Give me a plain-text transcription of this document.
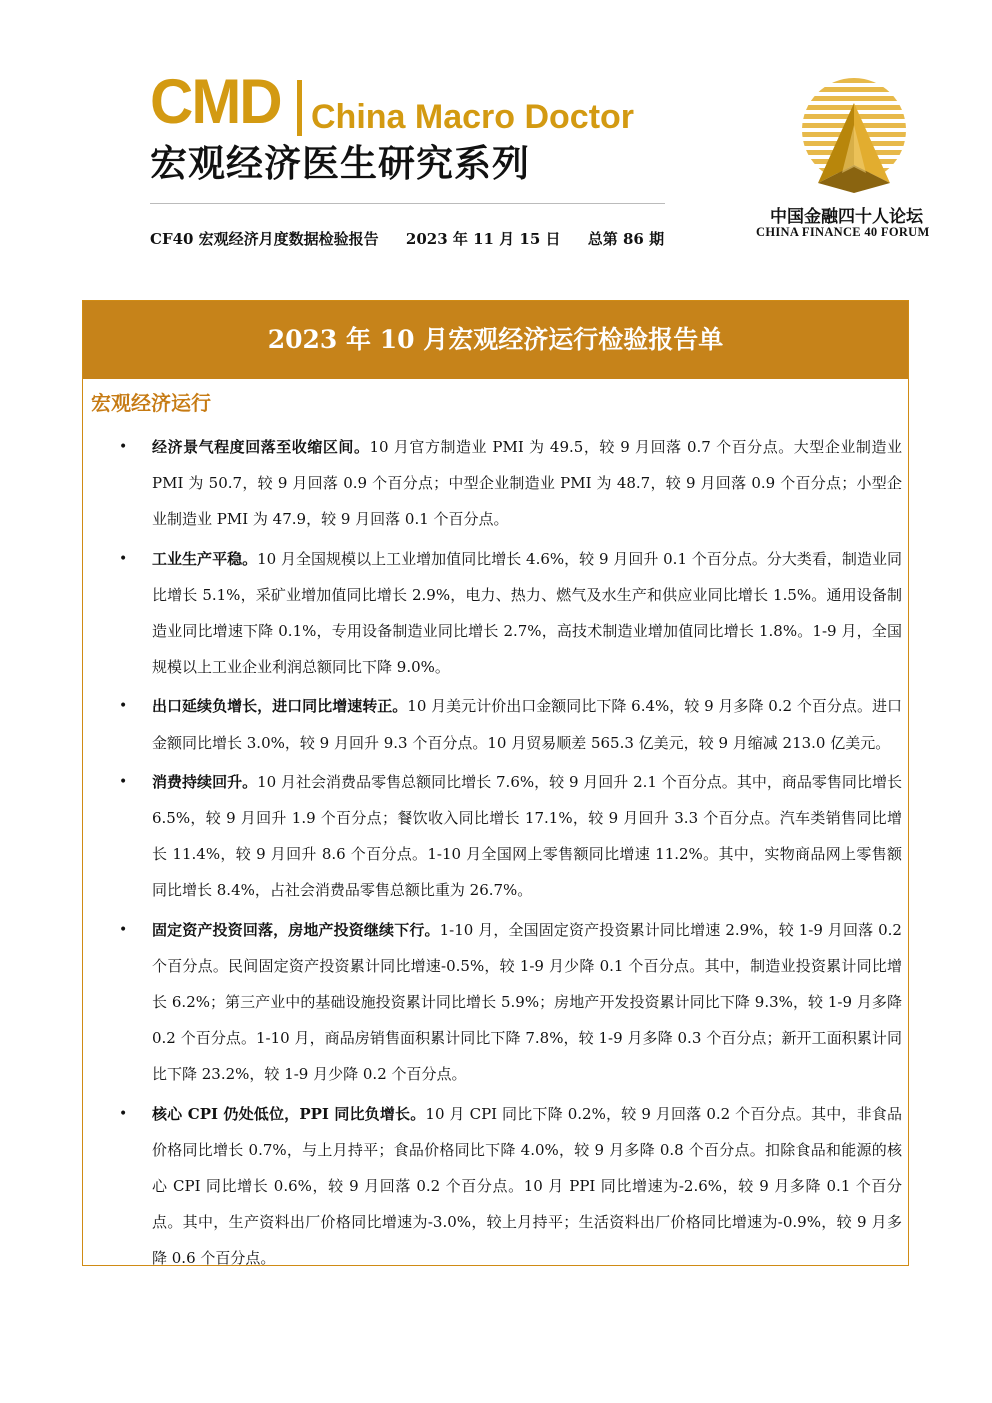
CMD China Macro Doctor
宏观经济医生研究系列
CF40 宏观经济月度数据检验报告 2023 年 11 月 15 日 总第 86 期
中国金融四十人论坛
CHINA FINANCE 40 FORUM
2023 年 10 月宏观经济运行检验报告单
宏观经济运行
• 经济景气程度回落至收缩区间。10 月官方制造业 PMI 为 49.5，较 9 月回落 0.7 个百分点。大型企业制造业 PMI 为 50.7，较 9 月回落 0.9 个百分点；中型企业制造业 PMI 为 48.7，较 9 月回落 0.9 个百分点；小型企业制造业 PMI 为 47.9，较 9 月回落 0.1 个百分点。
• 工业生产平稳。10 月全国规模以上工业增加值同比增长 4.6%，较 9 月回升 0.1 个百分点。分大类看，制造业同比增长 5.1%，采矿业增加值同比增长 2.9%，电力、热力、燃气及水生产和供应业同比增长 1.5%。通用设备制造业同比增速下降 0.1%，专用设备制造业同比增长 2.7%，高技术制造业增加值同比增长 1.8%。1-9 月，全国规模以上工业企业利润总额同比下降 9.0%。
• 出口延续负增长，进口同比增速转正。10 月美元计价出口金额同比下降 6.4%，较 9 月多降 0.2 个百分点。进口金额同比增长 3.0%，较 9 月回升 9.3 个百分点。10 月贸易顺差 565.3 亿美元，较 9 月缩减 213.0 亿美元。
• 消费持续回升。10 月社会消费品零售总额同比增长 7.6%，较 9 月回升 2.1 个百分点。其中，商品零售同比增长 6.5%，较 9 月回升 1.9 个百分点；餐饮收入同比增长 17.1%，较 9 月回升 3.3 个百分点。汽车类销售同比增长 11.4%，较 9 月回升 8.6 个百分点。1-10 月全国网上零售额同比增速 11.2%。其中，实物商品网上零售额同比增长 8.4%，占社会消费品零售总额比重为 26.7%。
• 固定资产投资回落，房地产投资继续下行。1-10 月，全国固定资产投资累计同比增速 2.9%，较 1-9 月回落 0.2 个百分点。民间固定资产投资累计同比增速-0.5%，较 1-9 月少降 0.1 个百分点。其中，制造业投资累计同比增长 6.2%；第三产业中的基础设施投资累计同比增长 5.9%；房地产开发投资累计同比下降 9.3%，较 1-9 月多降 0.2 个百分点。1-10 月，商品房销售面积累计同比下降 7.8%，较 1-9 月多降 0.3 个百分点；新开工面积累计同比下降 23.2%，较 1-9 月少降 0.2 个百分点。
• 核心 CPI 仍处低位，PPI 同比负增长。10 月 CPI 同比下降 0.2%，较 9 月回落 0.2 个百分点。其中，非食品价格同比增长 0.7%，与上月持平；食品价格同比下降 4.0%，较 9 月多降 0.8 个百分点。扣除食品和能源的核心 CPI 同比增长 0.6%，较 9 月回落 0.2 个百分点。10 月 PPI 同比增速为-2.6%，较 9 月多降 0.1 个百分点。其中，生产资料出厂价格同比增速为-3.0%，较上月持平；生活资料出厂价格同比增速为-0.9%，较 9 月多降 0.6 个百分点。
